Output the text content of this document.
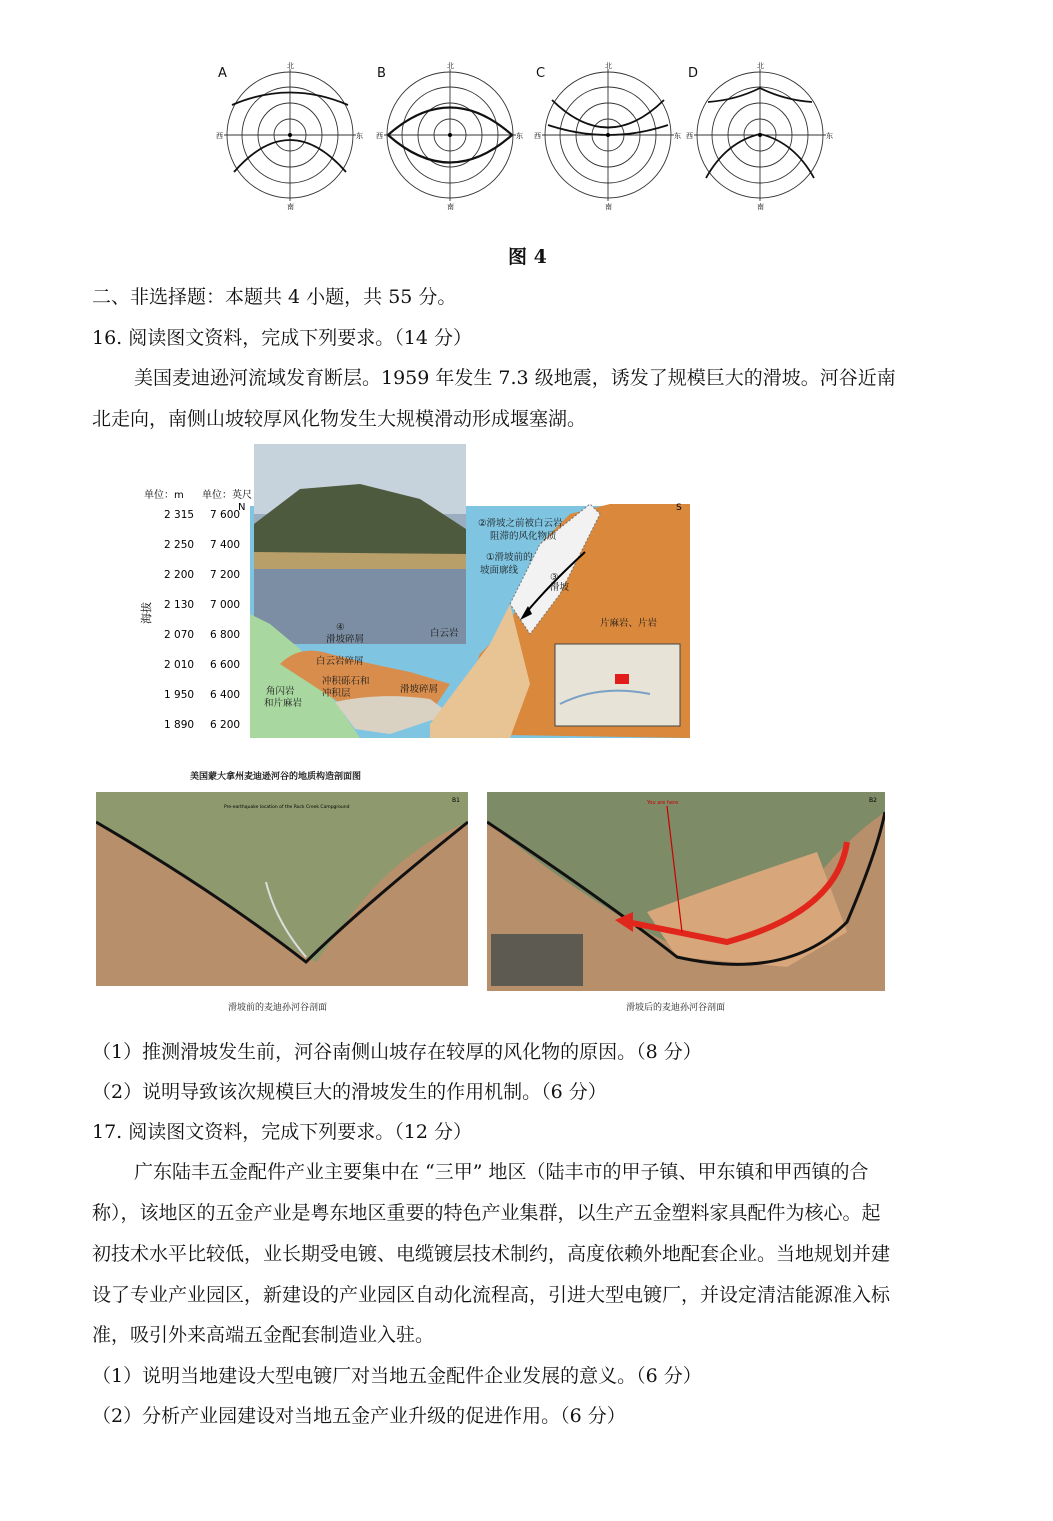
A	B	C	D
北
南
西	东
北
南
西	东
北
南
西	东
北
南
西	东
图 4
二、非选择题：本题共 4 小题，共 55 分。
16. 阅读图文资料，完成下列要求。（14 分）
美国麦迪逊河流域发育断层。1959 年发生 7.3 级地震，诱发了规模巨大的滑坡。河谷近南
北走向，南侧山坡较厚风化物发生大规模滑动形成堰塞湖。
单位：m 单位：英尺
N	S
海拔
2 315 7 600
2 250 7 400
2 200 7 200
2 130 7 000
2 070 6 800
2 010 6 600
1 950 6 400
1 890 6 200
②滑坡之前被白云岩
阻滞的风化物质
①滑坡前的
坡面廓线
③
滑坡
白云岩
片麻岩、片岩
④
滑坡碎屑
白云岩碎屑
冲积砾石和
冲积层	滑坡碎屑
角闪岩
和片麻岩
美国蒙大拿州麦迪逊河谷的地质构造剖面图
B1
Pre-earthquake location of the Rock Creek Campground
滑坡前的麦迪孙河谷剖面
B2
You are here
滑坡后的麦迪孙河谷剖面
（1）推测滑坡发生前，河谷南侧山坡存在较厚的风化物的原因。（8 分）
（2）说明导致该次规模巨大的滑坡发生的作用机制。（6 分）
17. 阅读图文资料，完成下列要求。（12 分）
广东陆丰五金配件产业主要集中在 “三甲” 地区（陆丰市的甲子镇、甲东镇和甲西镇的合
称），该地区的五金产业是粤东地区重要的特色产业集群，以生产五金塑料家具配件为核心。起
初技术水平比较低，业长期受电镀、电缆镀层技术制约，高度依赖外地配套企业。当地规划并建
设了专业产业园区，新建设的产业园区自动化流程高，引进大型电镀厂，并设定清洁能源准入标
准，吸引外来高端五金配套制造业入驻。
（1）说明当地建设大型电镀厂对当地五金配件企业发展的意义。（6 分）
（2）分析产业园建设对当地五金产业升级的促进作用。（6 分）
